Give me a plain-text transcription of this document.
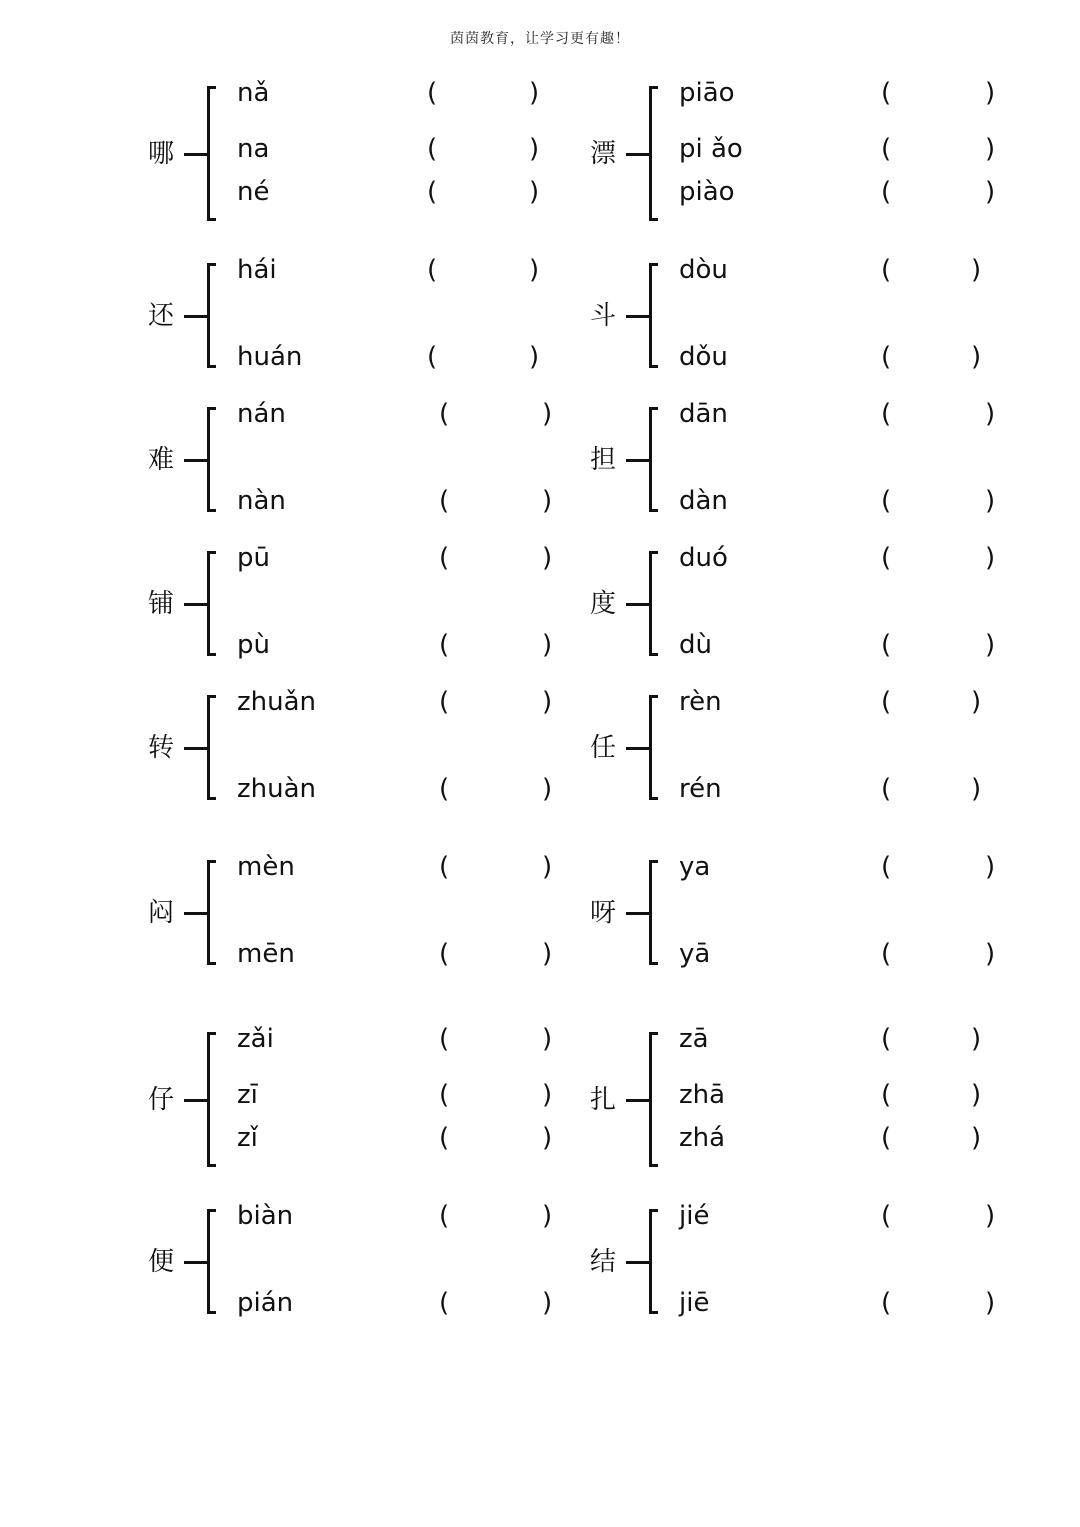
茵茵教育，让学习更有趣！
哪
nǎ	(	)
na	(	)
né	(	)
漂
piāo	(	)
pi ǎo	(	)
piào	(	)
还
hái	(	)
huán	(	)
斗
dòu	(	)
dǒu	(	)
难
nán	(	)
nàn	(	)
担
dān	(	)
dàn	(	)
铺
pū	(	)
pù	(	)
度
duó	(	)
dù	(	)
转
zhuǎn	(	)
zhuàn	(	)
任
rèn	(	)
rén	(	)
闷
mèn	(	)
mēn	(	)
呀
ya	(	)
yā	(	)
仔
zǎi	(	)
zī	(	)
zǐ	(	)
扎
zā	(	)
zhā	(	)
zhá	(	)
便
biàn	(	)
pián	(	)
结
jié	(	)
jiē	(	)
